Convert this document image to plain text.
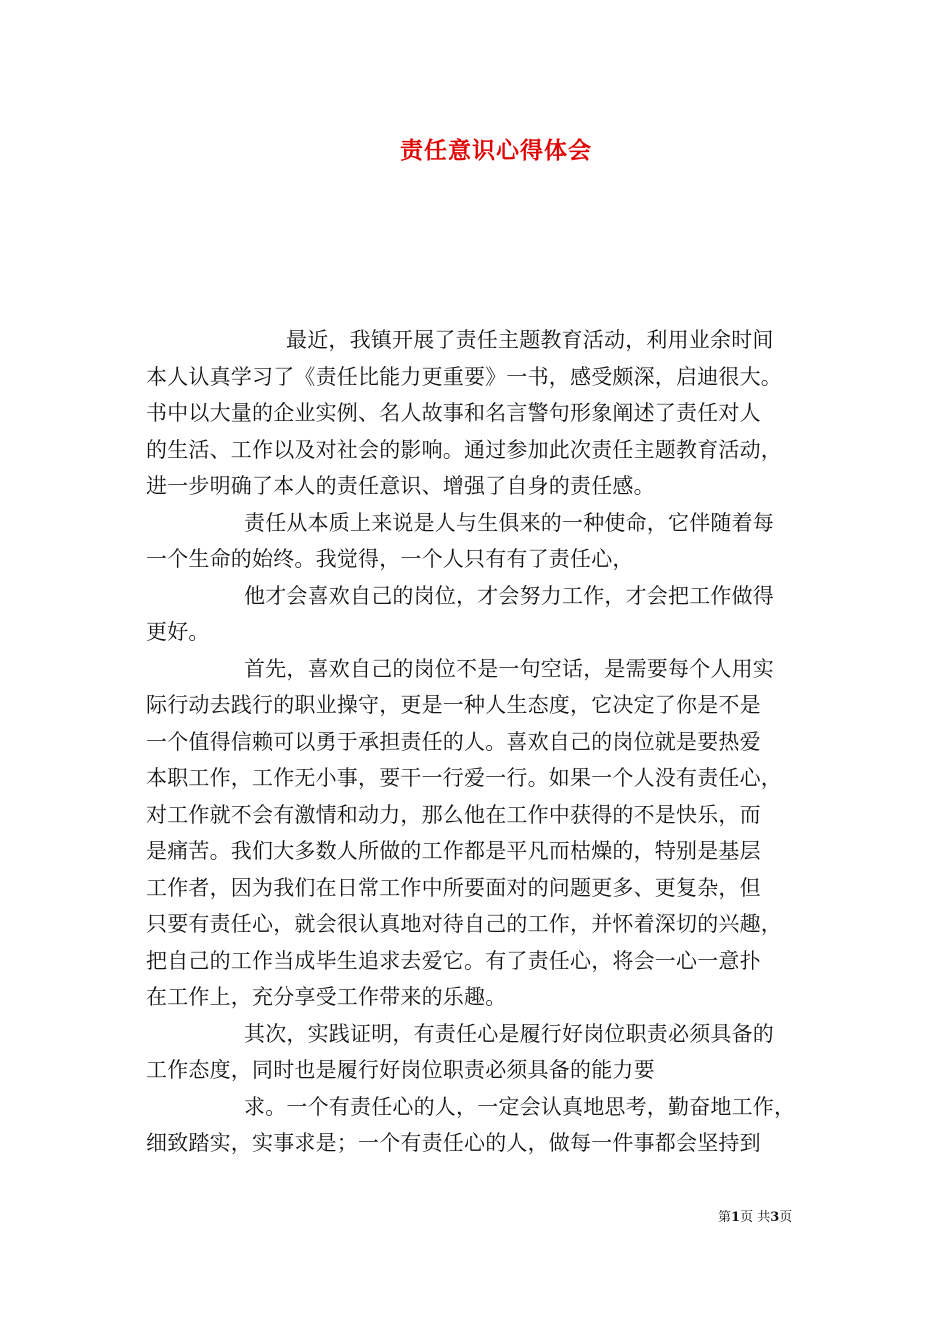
责任意识心得体会
最近，我镇开展了责任主题教育活动，利用业余时间
本人认真学习了《责任比能力更重要》一书，感受颇深，启迪很大。
书中以大量的企业实例、名人故事和名言警句形象阐述了责任对人
的生活、工作以及对社会的影响。通过参加此次责任主题教育活动，
进一步明确了本人的责任意识、增强了自身的责任感。
责任从本质上来说是人与生俱来的一种使命，它伴随着每
一个生命的始终。我觉得，一个人只有有了责任心，
他才会喜欢自己的岗位，才会努力工作，才会把工作做得
更好。
首先，喜欢自己的岗位不是一句空话，是需要每个人用实
际行动去践行的职业操守，更是一种人生态度，它决定了你是不是
一个值得信赖可以勇于承担责任的人。喜欢自己的岗位就是要热爱
本职工作，工作无小事，要干一行爱一行。如果一个人没有责任心，
对工作就不会有激情和动力，那么他在工作中获得的不是快乐，而
是痛苦。我们大多数人所做的工作都是平凡而枯燥的，特别是基层
工作者，因为我们在日常工作中所要面对的问题更多、更复杂，但
只要有责任心，就会很认真地对待自己的工作，并怀着深切的兴趣，
把自己的工作当成毕生追求去爱它。有了责任心，将会一心一意扑
在工作上，充分享受工作带来的乐趣。
其次，实践证明，有责任心是履行好岗位职责必须具备的
工作态度，同时也是履行好岗位职责必须具备的能力要
求。一个有责任心的人，一定会认真地思考，勤奋地工作，
细致踏实，实事求是；一个有责任心的人，做每一件事都会坚持到
第1页 共3页
